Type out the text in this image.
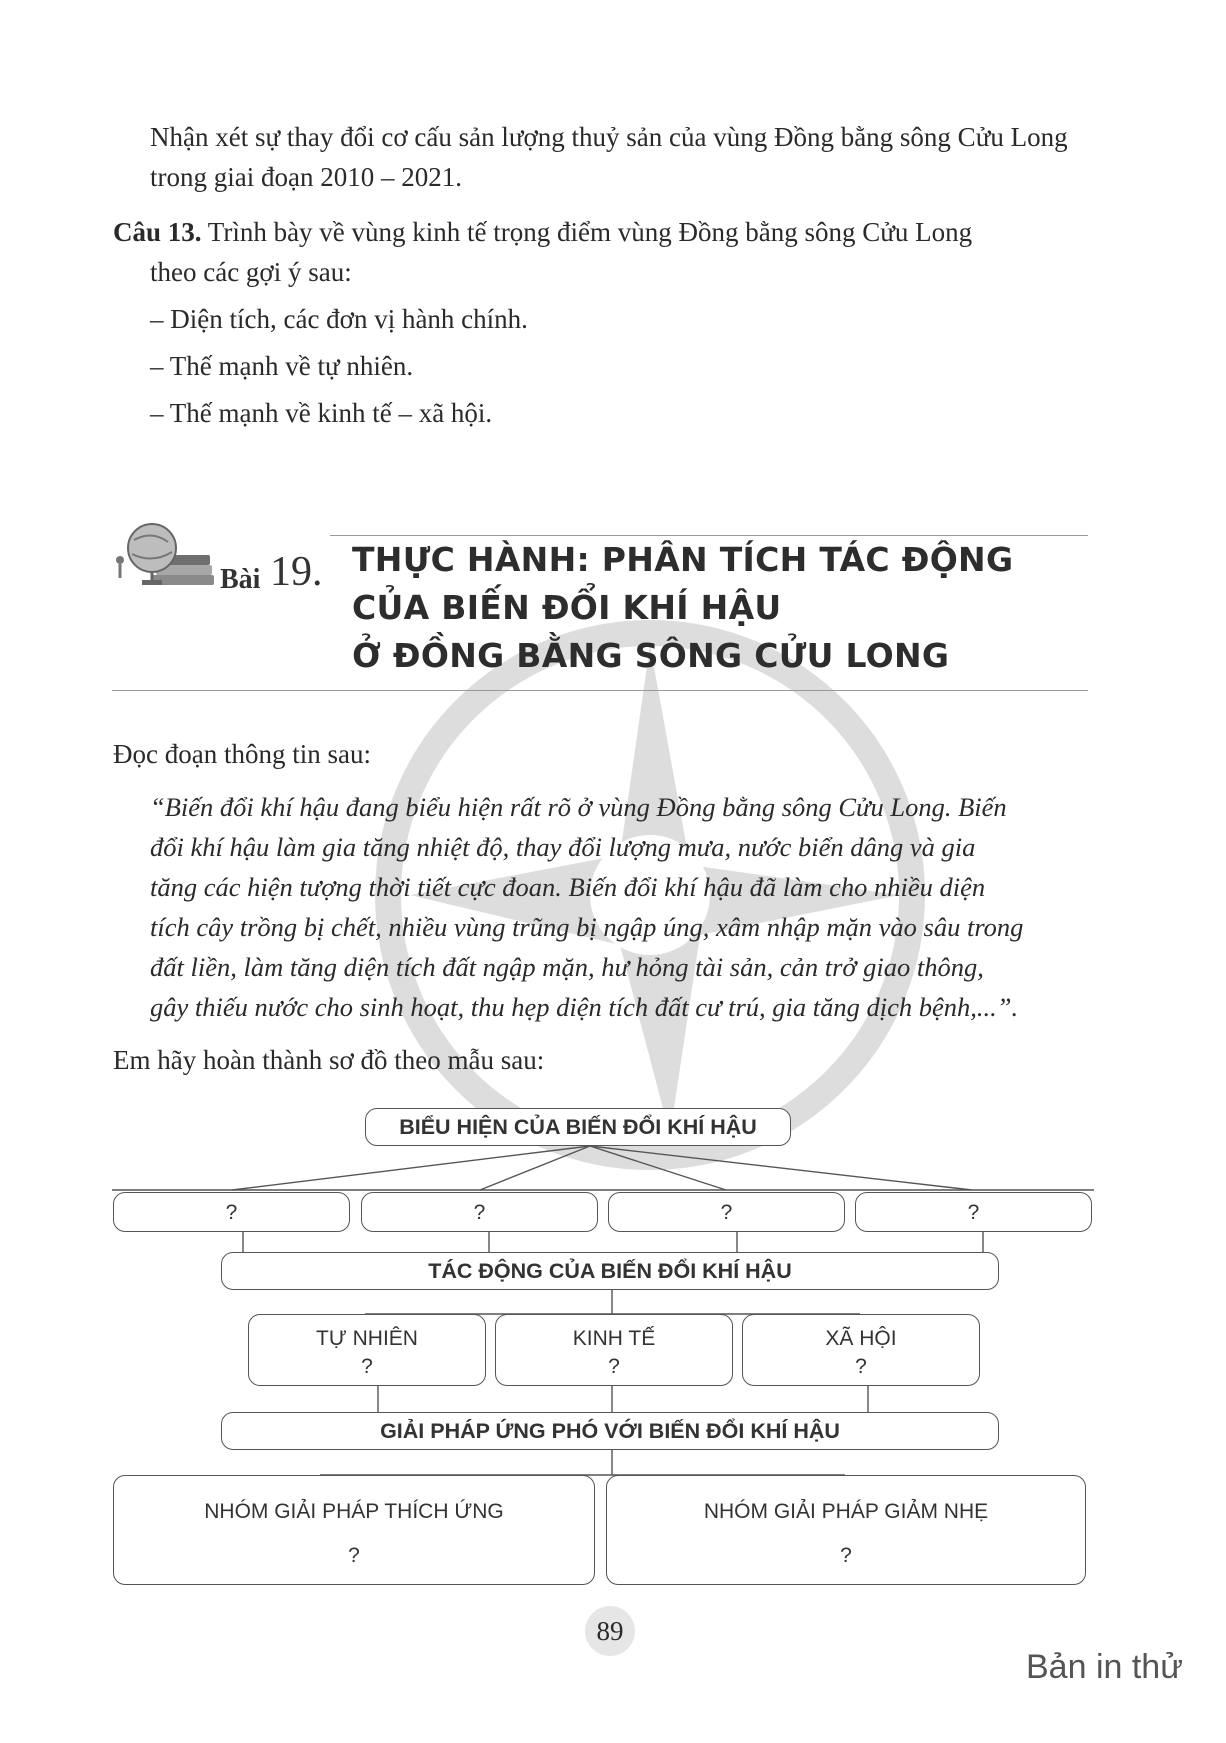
Nhận xét sự thay đổi cơ cấu sản lượng thuỷ sản của vùng Đồng bằng sông Cửu Long
trong giai đoạn 2010 – 2021.
Câu 13. Trình bày về vùng kinh tế trọng điểm vùng Đồng bằng sông Cửu Long
theo các gợi ý sau:
– Diện tích, các đơn vị hành chính.
– Thế mạnh về tự nhiên.
– Thế mạnh về kinh tế – xã hội.
Bài 19. THỰC HÀNH: PHÂN TÍCH TÁC ĐỘNG
CỦA BIẾN ĐỔI KHÍ HẬU
Ở ĐỒNG BẰNG SÔNG CỬU LONG
Đọc đoạn thông tin sau:
“Biến đổi khí hậu đang biểu hiện rất rõ ở vùng Đồng bằng sông Cửu Long. Biến
đổi khí hậu làm gia tăng nhiệt độ, thay đổi lượng mưa, nước biển dâng và gia
tăng các hiện tượng thời tiết cực đoan. Biến đổi khí hậu đã làm cho nhiều diện
tích cây trồng bị chết, nhiều vùng trũng bị ngập úng, xâm nhập mặn vào sâu trong
đất liền, làm tăng diện tích đất ngập mặn, hư hỏng tài sản, cản trở giao thông,
gây thiếu nước cho sinh hoạt, thu hẹp diện tích đất cư trú, gia tăng dịch bệnh,...”.
Em hãy hoàn thành sơ đồ theo mẫu sau:
BIỂU HIỆN CỦA BIẾN ĐỔI KHÍ HẬU
?	?	?	?
TÁC ĐỘNG CỦA BIẾN ĐỔI KHÍ HẬU
TỰ NHIÊN
?
KINH TẾ
?
XÃ HỘI
?
GIẢI PHÁP ỨNG PHÓ VỚI BIẾN ĐỔI KHÍ HẬU
NHÓM GIẢI PHÁP THÍCH ỨNG
?
NHÓM GIẢI PHÁP GIẢM NHẸ
?
89
Bản in thử
